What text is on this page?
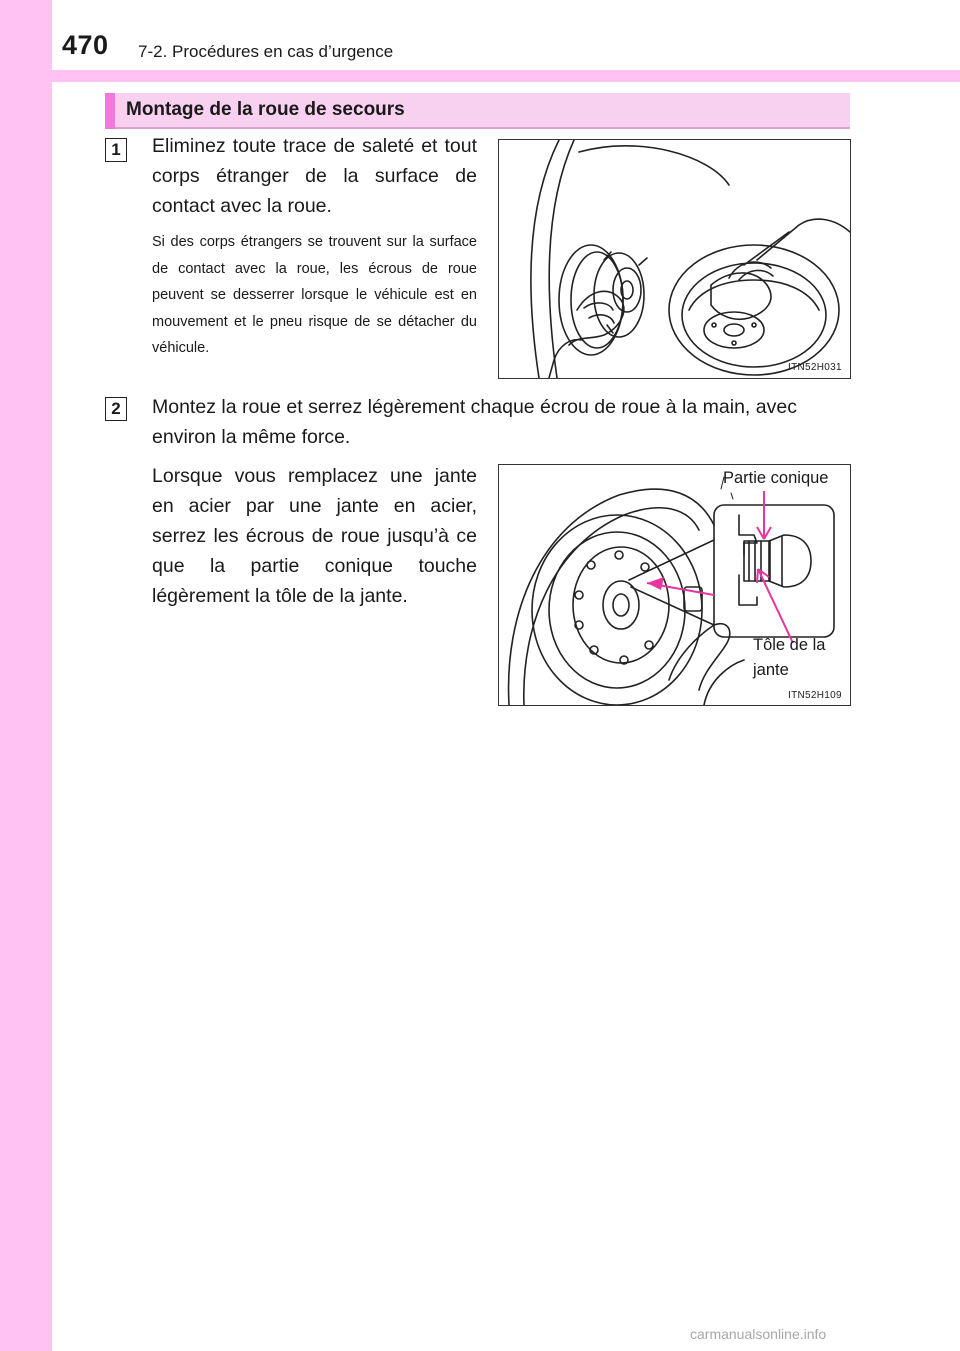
470 7-2. Procédures en cas d’urgence
Montage de la roue de secours
1	Eliminez toute trace de saleté et tout corps étranger de la surface de contact avec la roue.
Si des corps étrangers se trouvent sur la surface de contact avec la roue, les écrous de roue peuvent se desserrer lorsque le véhicule est en mouvement et le pneu risque de se détacher du véhicule.
ITN52H031
2	Montez la roue et serrez légèrement chaque écrou de roue à la main, avec environ la même force.
Lorsque vous remplacez une jante en acier par une jante en acier, serrez les écrous de roue jusqu’à ce que la partie conique touche légèrement la tôle de la jante.
Partie conique
Tôle de la jante
ITN52H109
carmanualsonline.info
